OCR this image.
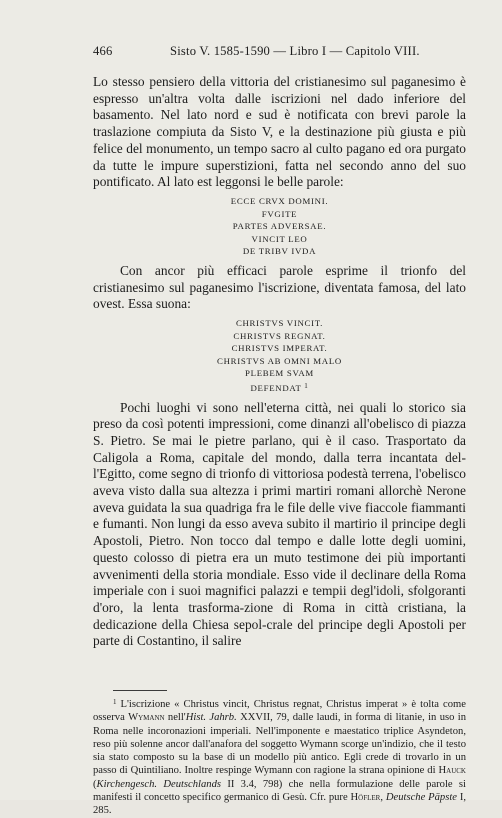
466	Sisto V. 1585-1590 — Libro I — Capitolo VIII.

Lo stesso pensiero della vittoria del cristianesimo sul paganesimo è espresso un'altra volta dalle iscrizioni nel dado inferiore del basamento. Nel lato nord e sud è notificata con brevi parole la traslazione compiuta da Sisto V, e la destinazione più giusta e più felice del monumento, un tempo sacro al culto pagano ed ora purgato da tutte le impure superstizioni, fatta nel secondo anno del suo pontificato. Al lato est leggonsi le belle parole:

ECCE CRVX DOMINI.
FVGITE
PARTES ADVERSAE.
VINCIT LEO
DE TRIBV IVDA

Con ancor più efficaci parole esprime il trionfo del cristianesimo sul paganesimo l'iscrizione, diventata famosa, del lato ovest. Essa suona:

CHRISTVS VINCIT.
CHRISTVS REGNAT.
CHRISTVS IMPERAT.
CHRISTVS AB OMNI MALO
PLEBEM SVAM
DEFENDAT $^1$

Pochi luoghi vi sono nell'eterna città, nei quali lo storico sia preso da così potenti impressioni, come dinanzi all'obelisco di piazza S. Pietro. Se mai le pietre parlano, qui è il caso. Trasportato da Caligola a Roma, capitale del mondo, dalla terra incantata del-l'Egitto, come segno di trionfo di vittoriosa podestà terrena, l'obelisco aveva visto dalla sua altezza i primi martiri romani allorchè Nerone aveva guidata la sua quadriga fra le file delle vive fiaccole fiammanti e fumanti. Non lungi da esso aveva subito il martirio il principe degli Apostoli, Pietro. Non tocco dal tempo e dalle lotte degli uomini, questo colosso di pietra era un muto testimone dei più importanti avvenimenti della storia mondiale. Esso vide il declinare della Roma imperiale con i suoi magnifici palazzi e tempii degl'idoli, sfolgoranti d'oro, la lenta trasforma-zione di Roma in città cristiana, la dedicazione della Chiesa sepol-crale del principe degli Apostoli per parte di Costantino, il salire

$^1$ L'iscrizione « Christus vincit, Christus regnat, Christus imperat » è tolta come osserva Wymann nell'Hist. Jahrb. XXVII, 79, dalle laudi, in forma di litanie, in uso in Roma nelle incoronazioni imperiali. Nell'imponente e maestatico triplice Asyndeton, reso più solenne ancor dall'anafora del soggetto Wymann scorge un'indizio, che il testo sia stato composto su la base di un modello più antico. Egli crede di trovarlo in un passo di Quintiliano. Inoltre respinge Wymann con ragione la strana opinione di Hauck (Kirchengesch. Deutschlands II 3.4, 798) che nella formulazione delle parole si manifesti il concetto specifico germanico di Gesù. Cfr. pure Höfler, Deutsche Päpste I, 285.
